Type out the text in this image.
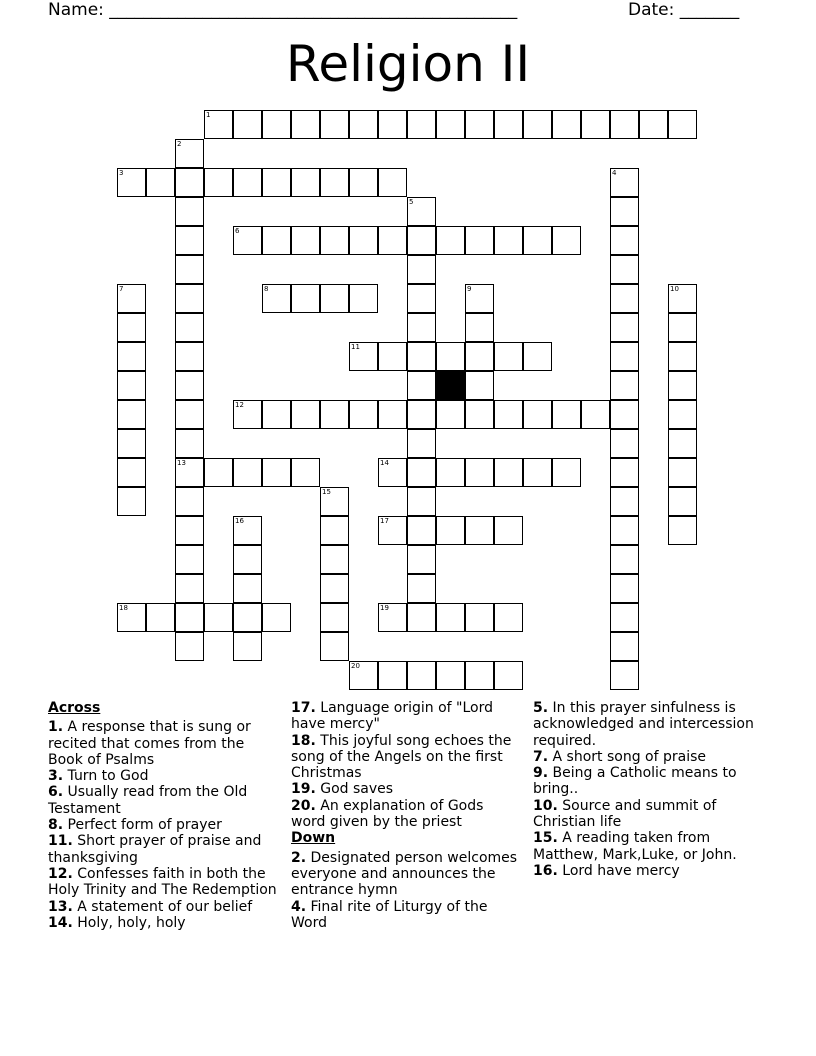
Name: ________________________________________________	Date: _______
Religion II
1
3
6
8
11
12
13	14
17
18	19
20
2
4
5
7	9	10
15
16
Across
1. A response that is sung or recited that comes from the Book of Psalms
3. Turn to God
6. Usually read from the Old Testament
8. Perfect form of prayer
11. Short prayer of praise and thanksgiving
12. Confesses faith in both the Holy Trinity and The Redemption
13. A statement of our belief
14. Holy, holy, holy
17. Language origin of "Lord have mercy"
18. This joyful song echoes the song of the Angels on the first Christmas
19. God saves
20. An explanation of Gods word given by the priest
Down
2. Designated person welcomes everyone and announces the entrance hymn
4. Final rite of Liturgy of the Word
5. In this prayer sinfulness is acknowledged and intercession required.
7. A short song of praise
9. Being a Catholic means to bring..
10. Source and summit of Christian life
15. A reading taken from Matthew, Mark,Luke, or John.
16. Lord have mercy
